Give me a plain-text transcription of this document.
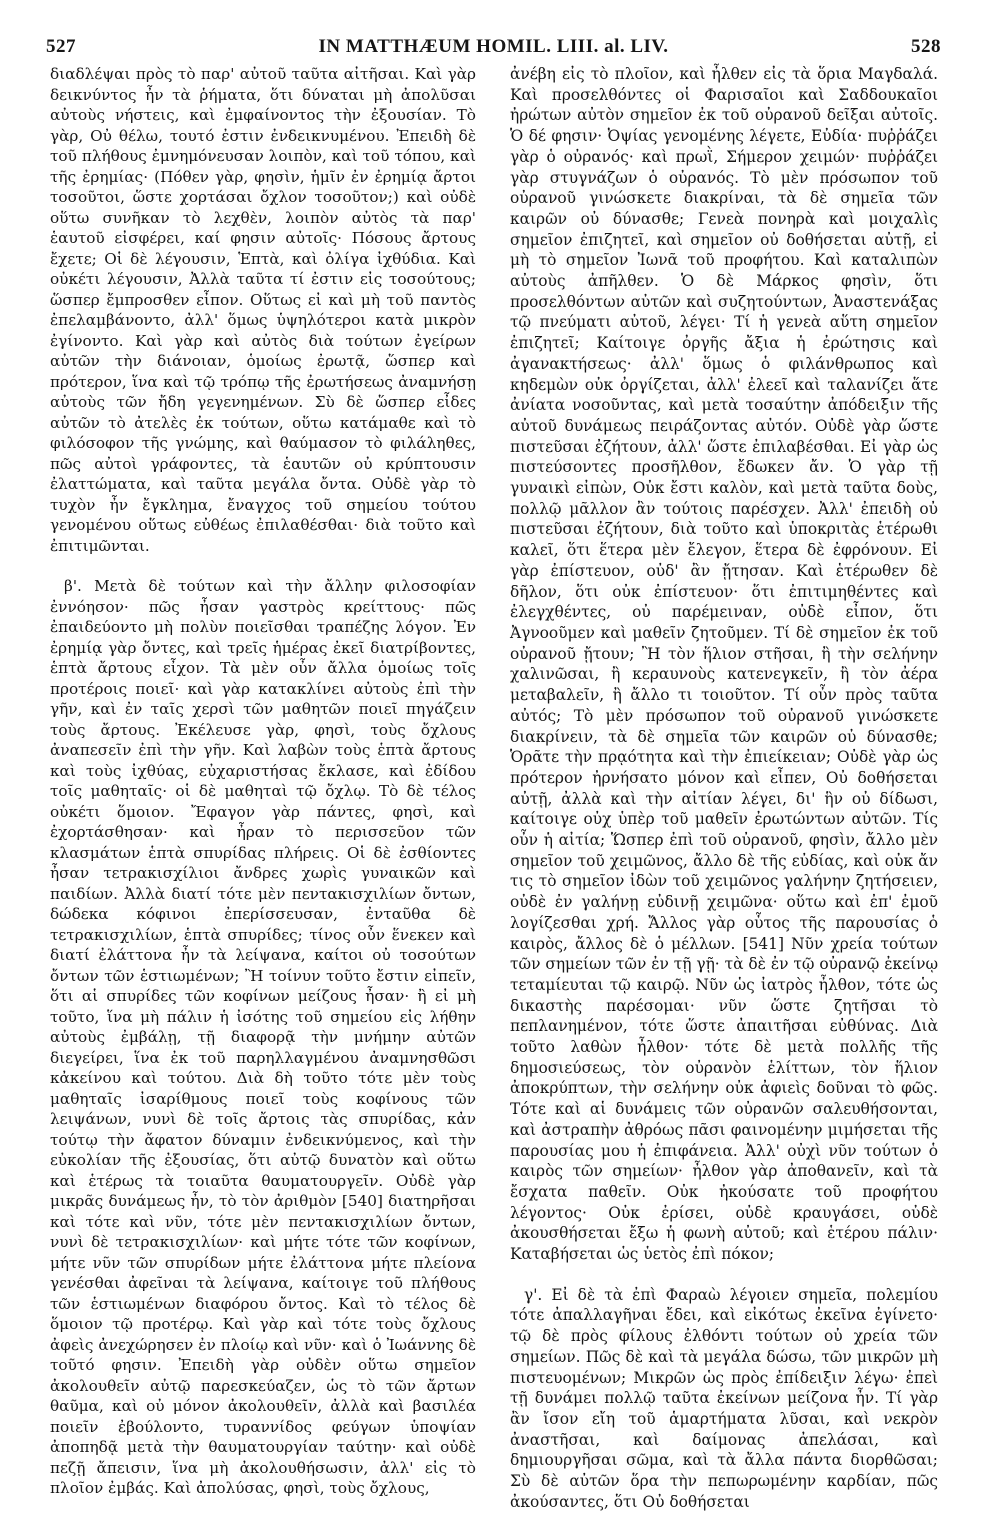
527	IN MATTHÆUM HOMIL. LIII. al. LIV.	528

διαδλέψαι πρὸς τὸ παρ' αὐτοῦ ταῦτα αἰτῆσαι. Καὶ γὰρ δεικνύντος ἦν τὰ ῥήματα, ὅτι δύναται μὴ ἀπολῦσαι αὐτοὺς νήστεις, καὶ ἐμφαίνοντος τὴν ἐξουσίαν. Τὸ γὰρ, Οὐ θέλω, τουτό ἐστιν ἐνδεικνυμένου. Ἐπειδὴ δὲ τοῦ πλήθους ἐμνημόνευσαν λοιπὸν, καὶ τοῦ τόπου, καὶ τῆς ἐρημίας· (Πόθεν γὰρ, φησὶν, ἡμῖν ἐν ἐρημίᾳ ἄρτοι τοσοῦτοι, ὥστε χορτάσαι ὄχλον τοσοῦτον;) καὶ οὐδὲ οὕτω συνῆκαν τὸ λεχθὲν, λοιπὸν αὐτὸς τὰ παρ' ἑαυτοῦ εἰσφέρει, καί φησιν αὐτοῖς· Πόσους ἄρτους ἔχετε; Οἱ δὲ λέγουσιν, Ἑπτὰ, καὶ ὀλίγα ἰχθύδια. Καὶ οὐκέτι λέγουσιν, Ἀλλὰ ταῦτα τί ἐστιν εἰς τοσούτους; ὥσπερ ἔμπροσθεν εἶπον. Οὕτως εἰ καὶ μὴ τοῦ παντὸς ἐπελαμβάνοντο, ἀλλ' ὅμως ὑψηλότεροι κατὰ μικρὸν ἐγίνοντο. Καὶ γὰρ καὶ αὐτὸς διὰ τούτων ἐγείρων αὐτῶν τὴν διάνοιαν, ὁμοίως ἐρωτᾷ, ὥσπερ καὶ πρότερον, ἵνα καὶ τῷ τρόπῳ τῆς ἐρωτήσεως ἀναμνήσῃ αὐτοὺς τῶν ἤδη γεγενημένων. Σὺ δὲ ὥσπερ εἶδες αὐτῶν τὸ ἀτελὲς ἐκ τούτων, οὕτω κατάμαθε καὶ τὸ φιλόσοφον τῆς γνώμης, καὶ θαύμασον τὸ φιλάληθες, πῶς αὐτοὶ γράφοντες, τὰ ἑαυτῶν οὐ κρύπτουσιν ἐλαττώματα, καὶ ταῦτα μεγάλα ὄντα. Οὐδὲ γὰρ τὸ τυχὸν ἦν ἔγκλημα, ἔναγχος τοῦ σημείου τούτου γενομένου οὕτως εὐθέως ἐπιλαθέσθαι· διὰ τοῦτο καὶ ἐπιτιμῶνται.

β'. Μετὰ δὲ τούτων καὶ τὴν ἄλλην φιλοσοφίαν ἐννόησον· πῶς ἦσαν γαστρὸς κρείττους· πῶς ἐπαιδεύοντο μὴ πολὺν ποιεῖσθαι τραπέζης λόγον. Ἐν ἐρημίᾳ γὰρ ὄντες, καὶ τρεῖς ἡμέρας ἐκεῖ διατρίβοντες, ἑπτὰ ἄρτους εἶχον. Τὰ μὲν οὖν ἄλλα ὁμοίως τοῖς προτέροις ποιεῖ· καὶ γὰρ κατακλίνει αὐτοὺς ἐπὶ τὴν γῆν, καὶ ἐν ταῖς χερσὶ τῶν μαθητῶν ποιεῖ πηγάζειν τοὺς ἄρτους. Ἐκέλευσε γὰρ, φησὶ, τοὺς ὄχλους ἀναπεσεῖν ἐπὶ τὴν γῆν. Καὶ λαβὼν τοὺς ἑπτὰ ἄρτους καὶ τοὺς ἰχθύας, εὐχαριστήσας ἔκλασε, καὶ ἐδίδου τοῖς μαθηταῖς· οἱ δὲ μαθηταὶ τῷ ὄχλῳ. Τὸ δὲ τέλος οὐκέτι ὅμοιον. Ἔφαγον γὰρ πάντες, φησὶ, καὶ ἐχορτάσθησαν· καὶ ἦραν τὸ περισσεῦον τῶν κλασμάτων ἑπτὰ σπυρίδας πλήρεις. Οἱ δὲ ἐσθίοντες ἦσαν τετρακισχίλιοι ἄνδρες χωρὶς γυναικῶν καὶ παιδίων. Ἀλλὰ διατί τότε μὲν πεντακισχιλίων ὄντων, δώδεκα κόφινοι ἐπερίσσευσαν, ἐνταῦθα δὲ τετρακισχιλίων, ἑπτὰ σπυρίδες; τίνος οὖν ἕνεκεν καὶ διατί ἐλάττονα ἦν τὰ λείψανα, καίτοι οὐ τοσούτων ὄντων τῶν ἑστιωμένων; Ἢ τοίνυν τοῦτο ἔστιν εἰπεῖν, ὅτι αἱ σπυρίδες τῶν κοφίνων μείζους ἦσαν· ἢ εἰ μὴ τοῦτο, ἵνα μὴ πάλιν ἡ ἰσότης τοῦ σημείου εἰς λήθην αὐτοὺς ἐμβάλῃ, τῇ διαφορᾷ τὴν μνήμην αὐτῶν διεγείρει, ἵνα ἐκ τοῦ παρηλλαγμένου ἀναμνησθῶσι κἀκείνου καὶ τούτου. Διὰ δὴ τοῦτο τότε μὲν τοὺς μαθηταῖς ἰσαρίθμους ποιεῖ τοὺς κοφίνους τῶν λειψάνων, νυνὶ δὲ τοῖς ἄρτοις τὰς σπυρίδας, κἀν τούτῳ τὴν ἄφατον δύναμιν ἐνδεικνύμενος, καὶ τὴν εὐκολίαν τῆς ἐξουσίας, ὅτι αὐτῷ δυνατὸν καὶ οὕτω καὶ ἑτέρως τὰ τοιαῦτα θαυματουργεῖν. Οὐδὲ γὰρ μικρᾶς δυνάμεως ἦν, τὸ τὸν ἀριθμὸν [540] διατηρῆσαι καὶ τότε καὶ νῦν, τότε μὲν πεντακισχιλίων ὄντων, νυνὶ δὲ τετρακισχιλίων· καὶ μήτε τότε τῶν κοφίνων, μήτε νῦν τῶν σπυρίδων μήτε ἐλάττονα μήτε πλείονα γενέσθαι ἀφεῖναι τὰ λείψανα, καίτοιγε τοῦ πλήθους τῶν ἑστιωμένων διαφόρου ὄντος. Καὶ τὸ τέλος δὲ ὅμοιον τῷ προτέρῳ. Καὶ γὰρ καὶ τότε τοὺς ὄχλους ἀφεὶς ἀνεχώρησεν ἐν πλοίῳ καὶ νῦν· καὶ ὁ Ἰωάννης δὲ τοῦτό φησιν. Ἐπειδὴ γὰρ οὐδὲν οὕτω σημεῖον ἀκολουθεῖν αὐτῷ παρεσκεύαζεν, ὡς τὸ τῶν ἄρτων θαῦμα, καὶ οὐ μόνον ἀκολουθεῖν, ἀλλὰ καὶ βασιλέα ποιεῖν ἐβούλοντο, τυραννίδος φεύγων ὑποψίαν ἀποπηδᾷ μετὰ τὴν θαυματουργίαν ταύτην· καὶ οὐδὲ πεζῇ ἄπεισιν, ἵνα μὴ ἀκολουθήσωσιν, ἀλλ' εἰς τὸ πλοῖον ἐμβάς. Καὶ ἀπολύσας, φησὶ, τοὺς ὄχλους,

ἀνέβη εἰς τὸ πλοῖον, καὶ ἦλθεν εἰς τὰ ὅρια Μαγδαλά. Καὶ προσελθόντες οἱ Φαρισαῖοι καὶ Σαδδουκαῖοι ἠρώτων αὐτὸν σημεῖον ἐκ τοῦ οὐρανοῦ δεῖξαι αὐτοῖς. Ὁ δέ φησιν· Ὀψίας γενομένης λέγετε, Εὐδία· πυῤῥάζει γὰρ ὁ οὐρανός· καὶ πρωῒ, Σήμερον χειμών· πυῤῥάζει γὰρ στυγνάζων ὁ οὐρανός. Τὸ μὲν πρόσωπον τοῦ οὐρανοῦ γινώσκετε διακρίναι, τὰ δὲ σημεῖα τῶν καιρῶν οὐ δύνασθε; Γενεὰ πονηρὰ καὶ μοιχαλὶς σημεῖον ἐπιζητεῖ, καὶ σημεῖον οὐ δοθήσεται αὐτῇ, εἰ μὴ τὸ σημεῖον Ἰωνᾶ τοῦ προφήτου. Καὶ καταλιπὼν αὐτοὺς ἀπῆλθεν. Ὁ δὲ Μάρκος φησὶν, ὅτι προσελθόντων αὐτῶν καὶ συζητούντων, Ἀναστενάξας τῷ πνεύματι αὐτοῦ, λέγει· Τί ἡ γενεὰ αὕτη σημεῖον ἐπιζητεῖ; Καίτοιγε ὀργῆς ἄξια ἡ ἐρώτησις καὶ ἀγανακτήσεως· ἀλλ' ὅμως ὁ φιλάνθρωπος καὶ κηδεμὼν οὐκ ὀργίζεται, ἀλλ' ἐλεεῖ καὶ ταλανίζει ἅτε ἀνίατα νοσοῦντας, καὶ μετὰ τοσαύτην ἀπόδειξιν τῆς αὐτοῦ δυνάμεως πειράζοντας αὐτόν. Οὐδὲ γὰρ ὥστε πιστεῦσαι ἐζήτουν, ἀλλ' ὥστε ἐπιλαβέσθαι. Εἰ γὰρ ὡς πιστεύσοντες προσῆλθον, ἔδωκεν ἄν. Ὁ γὰρ τῇ γυναικὶ εἰπὼν, Οὐκ ἔστι καλὸν, καὶ μετὰ ταῦτα δοὺς, πολλῷ μᾶλλον ἂν τούτοις παρέσχεν. Ἀλλ' ἐπειδὴ οὐ πιστεῦσαι ἐζήτουν, διὰ τοῦτο καὶ ὑποκριτὰς ἑτέρωθι καλεῖ, ὅτι ἕτερα μὲν ἔλεγον, ἕτερα δὲ ἐφρόνουν. Εἰ γὰρ ἐπίστευον, οὐδ' ἂν ᾔτησαν. Καὶ ἑτέρωθεν δὲ δῆλον, ὅτι οὐκ ἐπίστευον· ὅτι ἐπιτιμηθέντες καὶ ἐλεγχθέντες, οὐ παρέμειναν, οὐδὲ εἶπον, ὅτι Ἀγνοοῦμεν καὶ μαθεῖν ζητοῦμεν. Τί δὲ σημεῖον ἐκ τοῦ οὐρανοῦ ᾔτουν; Ἢ τὸν ἥλιον στῆσαι, ἢ τὴν σελήνην χαλινῶσαι, ἢ κεραυνοὺς κατενεγκεῖν, ἢ τὸν ἀέρα μεταβαλεῖν, ἢ ἄλλο τι τοιοῦτον. Τί οὖν πρὸς ταῦτα αὐτός; Τὸ μὲν πρόσωπον τοῦ οὐρανοῦ γινώσκετε διακρίνειν, τὰ δὲ σημεῖα τῶν καιρῶν οὐ δύνασθε; Ὁρᾶτε τὴν πρᾳότητα καὶ τὴν ἐπιείκειαν; Οὐδὲ γὰρ ὡς πρότερον ἠρνήσατο μόνον καὶ εἶπεν, Οὐ δοθήσεται αὐτῇ, ἀλλὰ καὶ τὴν αἰτίαν λέγει, δι' ἣν οὐ δίδωσι, καίτοιγε οὐχ ὑπὲρ τοῦ μαθεῖν ἐρωτώντων αὐτῶν. Τίς οὖν ἡ αἰτία; Ὥσπερ ἐπὶ τοῦ οὐρανοῦ, φησὶν, ἄλλο μὲν σημεῖον τοῦ χειμῶνος, ἄλλο δὲ τῆς εὐδίας, καὶ οὐκ ἄν τις τὸ σημεῖον ἰδὼν τοῦ χειμῶνος γαλήνην ζητήσειεν, οὐδὲ ἐν γαλήνῃ εὐδινῇ χειμῶνα· οὕτω καὶ ἐπ' ἐμοῦ λογίζεσθαι χρή. Ἄλλος γὰρ οὗτος τῆς παρουσίας ὁ καιρὸς, ἄλλος δὲ ὁ μέλλων. [541] Νῦν χρεία τούτων τῶν σημείων τῶν ἐν τῇ γῇ· τὰ δὲ ἐν τῷ οὐρανῷ ἐκείνῳ τεταμίευται τῷ καιρῷ. Νῦν ὡς ἰατρὸς ἦλθον, τότε ὡς δικαστὴς παρέσομαι· νῦν ὥστε ζητῆσαι τὸ πεπλανημένον, τότε ὥστε ἀπαιτῆσαι εὐθύνας. Διὰ τοῦτο λαθὼν ἦλθον· τότε δὲ μετὰ πολλῆς τῆς δημοσιεύσεως, τὸν οὐρανὸν ἑλίττων, τὸν ἥλιον ἀποκρύπτων, τὴν σελήνην οὐκ ἀφιεὶς δοῦναι τὸ φῶς. Τότε καὶ αἱ δυνάμεις τῶν οὐρανῶν σαλευθήσονται, καὶ ἀστραπὴν ἀθρόως πᾶσι φαινομένην μιμήσεται τῆς παρουσίας μου ἡ ἐπιφάνεια. Ἀλλ' οὐχὶ νῦν τούτων ὁ καιρὸς τῶν σημείων· ἦλθον γὰρ ἀποθανεῖν, καὶ τὰ ἔσχατα παθεῖν. Οὐκ ἠκούσατε τοῦ προφήτου λέγοντος· Οὐκ ἐρίσει, οὐδὲ κραυγάσει, οὐδὲ ἀκουσθήσεται ἔξω ἡ φωνὴ αὐτοῦ; καὶ ἑτέρου πάλιν· Καταβήσεται ὡς ὑετὸς ἐπὶ πόκον;

γ'. Εἰ δὲ τὰ ἐπὶ Φαραὼ λέγοιεν σημεῖα, πολεμίου τότε ἀπαλλαγῆναι ἔδει, καὶ εἰκότως ἐκεῖνα ἐγίνετο· τῷ δὲ πρὸς φίλους ἐλθόντι τούτων οὐ χρεία τῶν σημείων. Πῶς δὲ καὶ τὰ μεγάλα δώσω, τῶν μικρῶν μὴ πιστευομένων; Μικρῶν ὡς πρὸς ἐπίδειξιν λέγω· ἐπεὶ τῇ δυνάμει πολλῷ ταῦτα ἐκείνων μείζονα ἦν. Τί γὰρ ἂν ἴσον εἴη τοῦ ἁμαρτήματα λῦσαι, καὶ νεκρὸν ἀναστῆσαι, καὶ δαίμονας ἀπελάσαι, καὶ δημιουργῆσαι σῶμα, καὶ τὰ ἄλλα πάντα διορθῶσαι; Σὺ δὲ αὐτῶν ὅρα τὴν πεπωρωμένην καρδίαν, πῶς ἀκούσαντες, ὅτι Οὐ δοθήσεται
